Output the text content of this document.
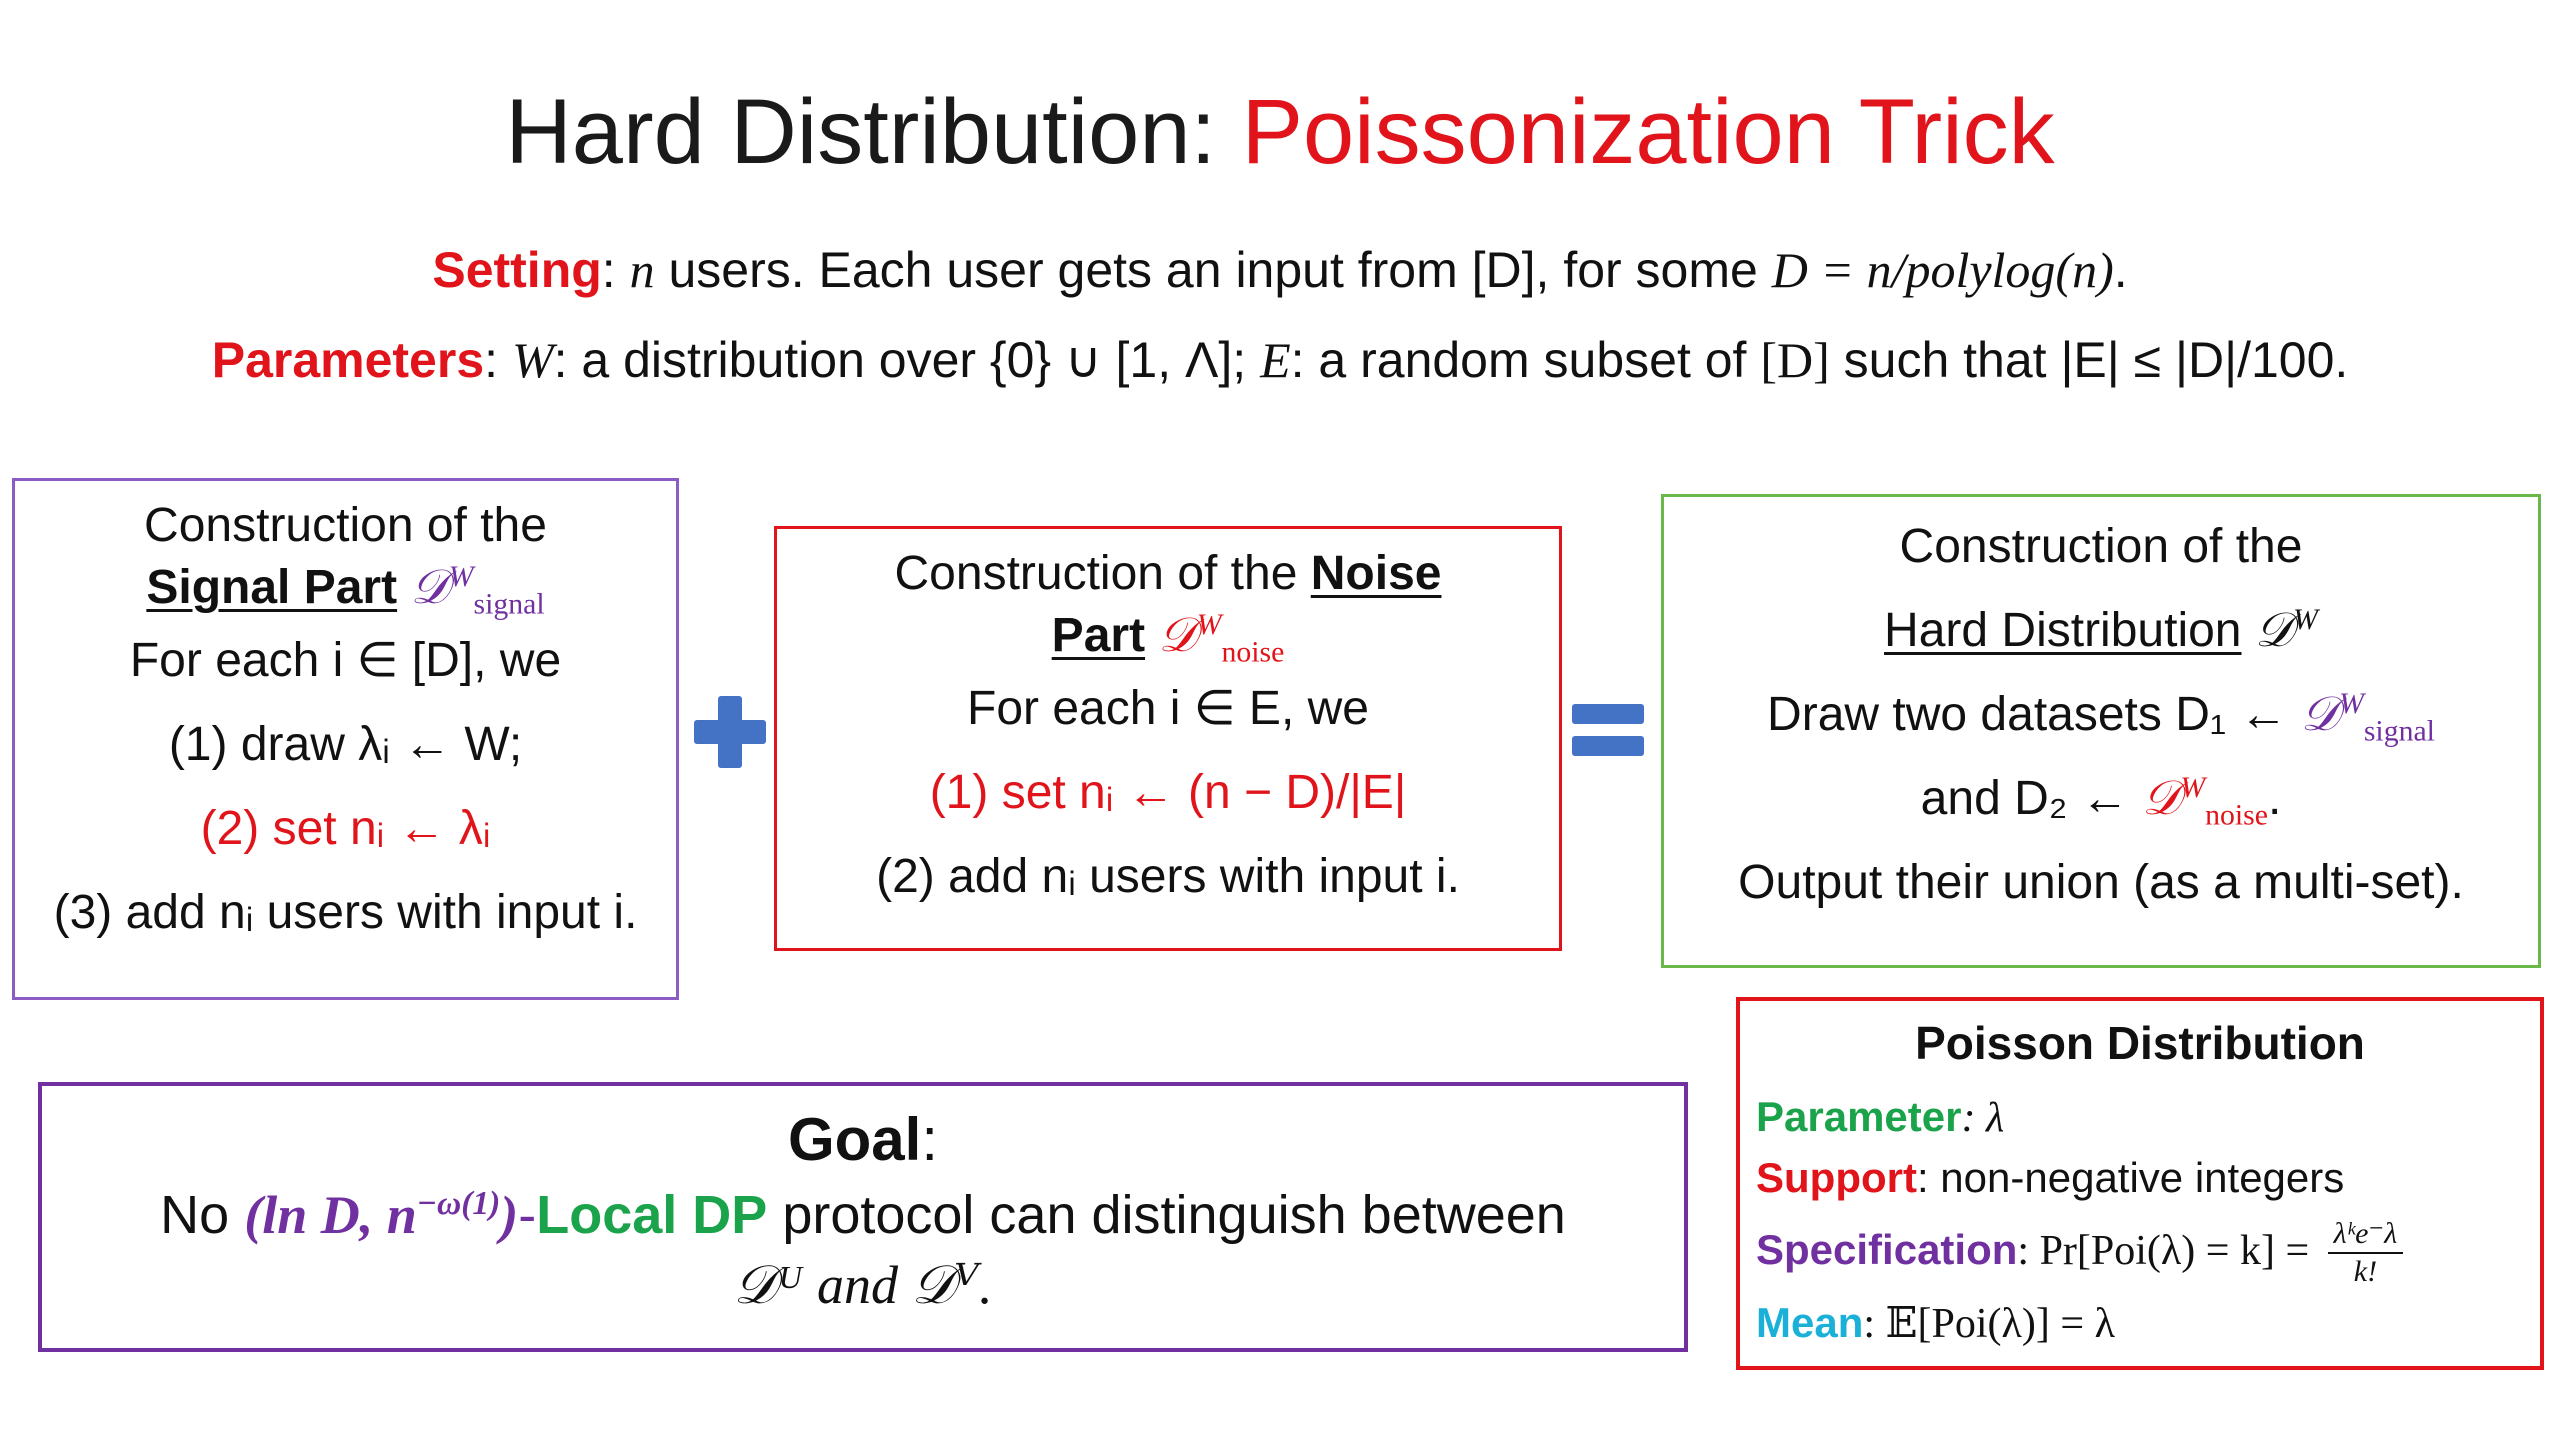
Hard Distribution: Poissonization Trick
Setting: n users. Each user gets an input from [D], for some D = n/polylog(n).
Parameters: W: a distribution over {0} ∪ [1, Λ]; E: a random subset of [D] such that |E| ≤ |D|/100.
Construction of the
Signal Part 𝒟$^W_{signal}$
For each i ∈ [D], we
(1) draw λᵢ ← W;
(2) set nᵢ ← λᵢ
(3) add nᵢ users with input i.
Construction of the Noise
Part 𝒟$^W_{noise}$
For each i ∈ E, we
(1) set nᵢ ← (n − D)/|E|
(2) add nᵢ users with input i.
Construction of the
Hard Distribution 𝒟$^W$
Draw two datasets D₁ ← 𝒟$^W_{signal}$
and D₂ ← 𝒟$^W_{noise}$.
Output their union (as a multi-set).
Goal:
No (ln D, $n^{-\omega(1)}$)-Local DP protocol can distinguish between
𝒟ᵁ and 𝒟ⱽ.
Poisson Distribution
Parameter: λ
Support: non-negative integers
Specification: $Pr[Poi(\lambda) = k] = \frac{\text{λᵏe⁻λ}}{k!}$
Mean: 𝔼[Poi(λ)] = λ
